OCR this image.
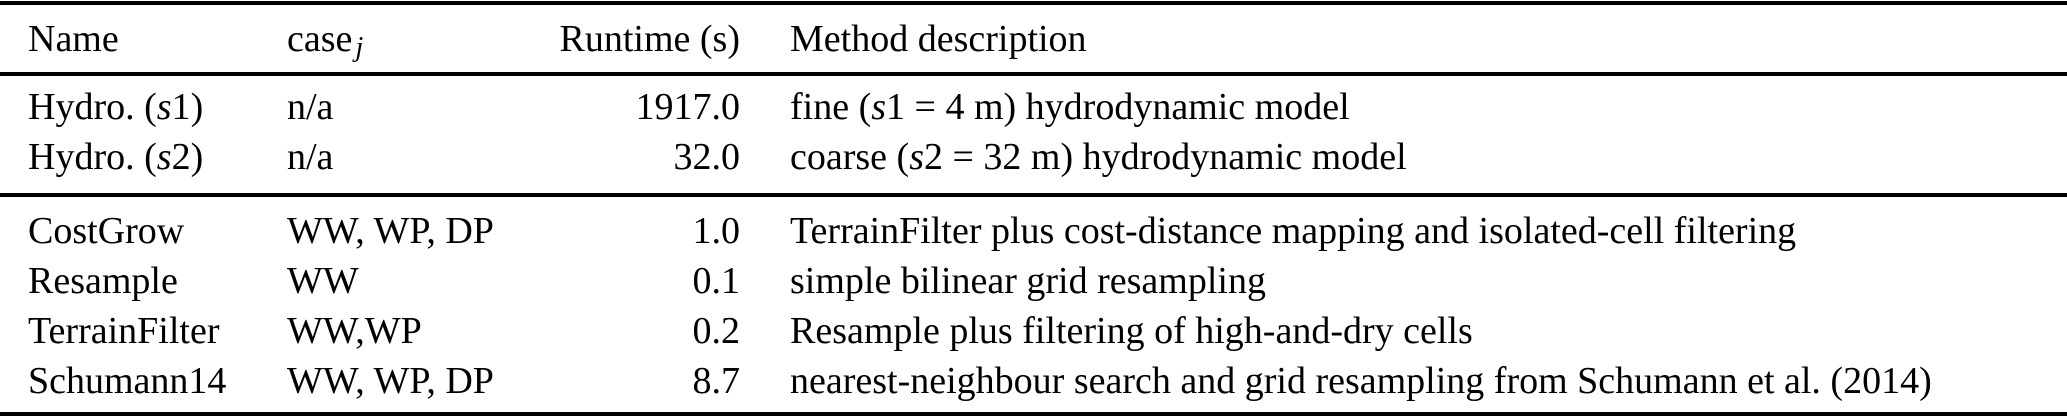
Name	case j	Runtime (s)	Method description
Hydro. (s1)	n/a	1917.0	fine (s1 = 4 m) hydrodynamic model
Hydro. (s2)	n/a	32.0	coarse (s2 = 32 m) hydrodynamic model
CostGrow	WW, WP, DP	1.0	TerrainFilter plus cost-distance mapping and isolated-cell filtering
Resample	WW	0.1	simple bilinear grid resampling
TerrainFilter	WW,WP	0.2	Resample plus filtering of high-and-dry cells
Schumann14	WW, WP, DP	8.7	nearest-neighbour search and grid resampling from Schumann et al. (2014)
